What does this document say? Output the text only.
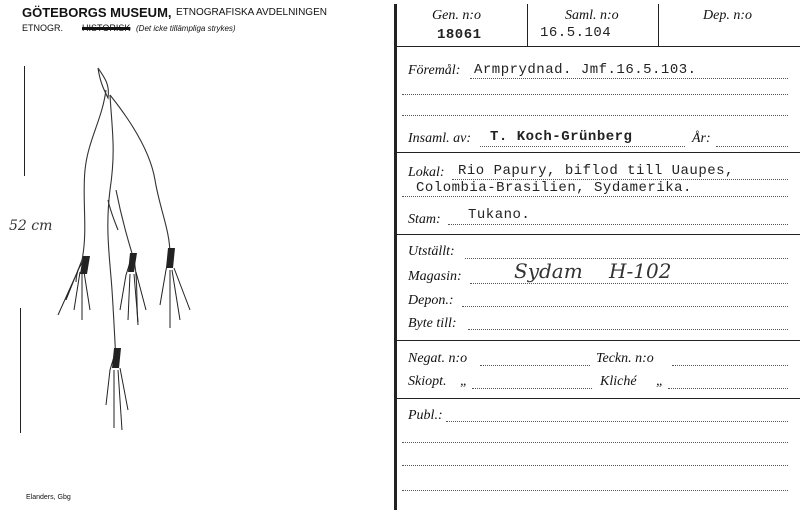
GÖTEBORGS MUSEUM, ETNOGRAFISKA AVDELNINGEN
ETNOGR. HISTORISK (Det icke tillämpliga strykes)
52 cm
Elanders, Gbg
Gen. n:o
18061
Saml. n:o
16.5.104
Dep. n:o
Föremål: Armprydnad. Jmf.16.5.103.
Insaml. av: T. Koch-Grünberg	År:
Lokal: Rio Papury, biflod till Uaupes,
Colombia-Brasilien, Sydamerika.
Stam: Tukano.
Utställt:
Magasin:	Sydam H-102
Depon.:
Byte till:
Negat. n:o	Teckn. n:o
Skiopt. „	Kliché „
Publ.:
